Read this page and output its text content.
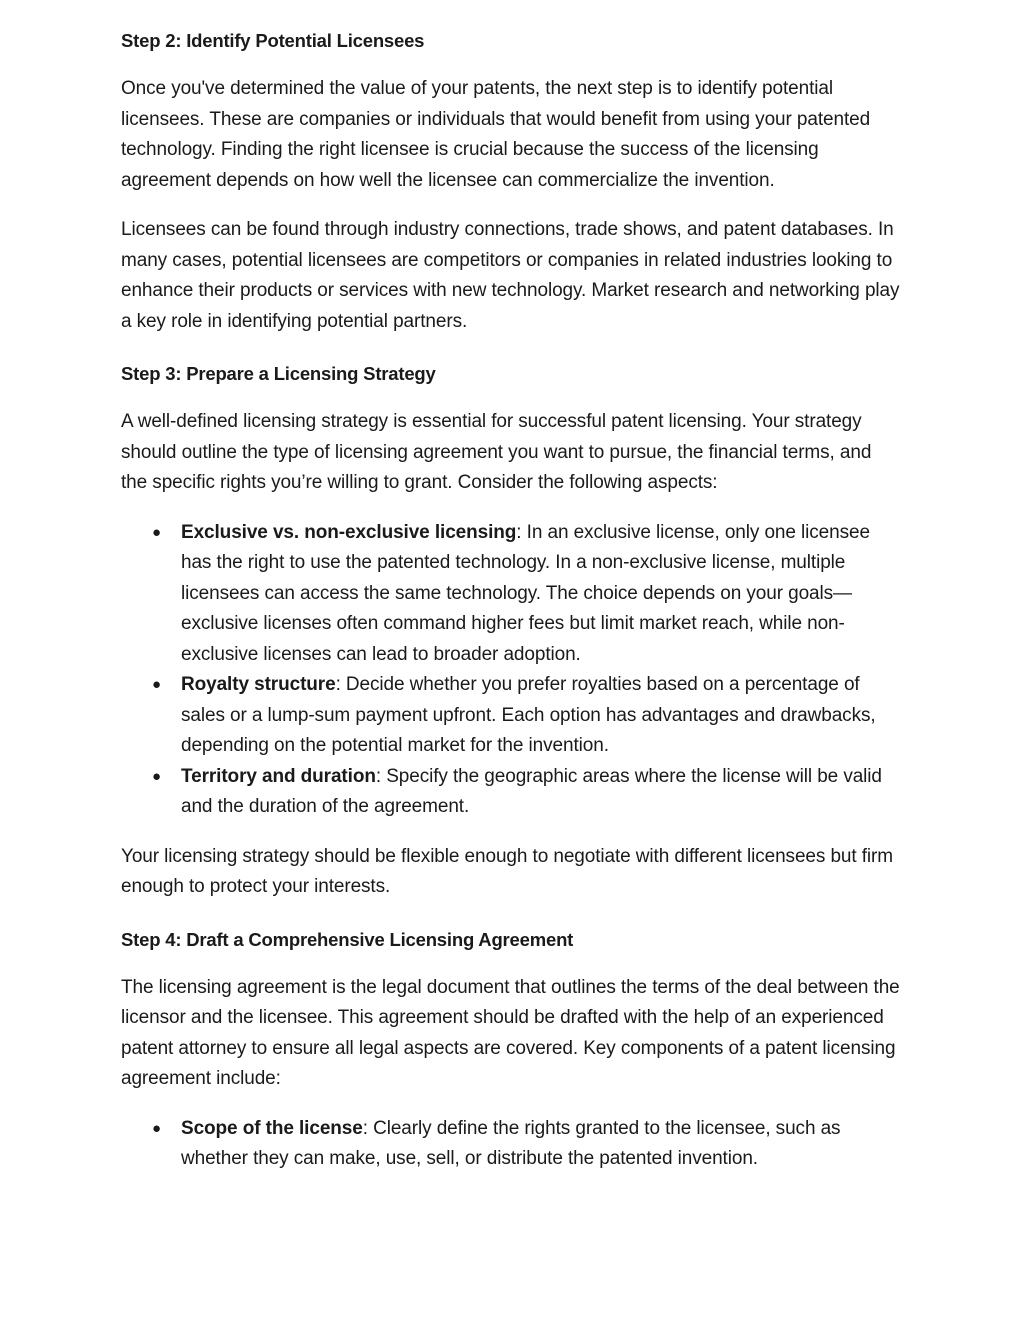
Step 2: Identify Potential Licensees

Once you've determined the value of your patents, the next step is to identify potential licensees. These are companies or individuals that would benefit from using your patented technology. Finding the right licensee is crucial because the success of the licensing agreement depends on how well the licensee can commercialize the invention.

Licensees can be found through industry connections, trade shows, and patent databases. In many cases, potential licensees are competitors or companies in related industries looking to enhance their products or services with new technology. Market research and networking play a key role in identifying potential partners.

Step 3: Prepare a Licensing Strategy

A well-defined licensing strategy is essential for successful patent licensing. Your strategy should outline the type of licensing agreement you want to pursue, the financial terms, and the specific rights you’re willing to grant. Consider the following aspects:

● Exclusive vs. non-exclusive licensing: In an exclusive license, only one licensee has the right to use the patented technology. In a non-exclusive license, multiple licensees can access the same technology. The choice depends on your goals—exclusive licenses often command higher fees but limit market reach, while non-exclusive licenses can lead to broader adoption.
● Royalty structure: Decide whether you prefer royalties based on a percentage of sales or a lump-sum payment upfront. Each option has advantages and drawbacks, depending on the potential market for the invention.
● Territory and duration: Specify the geographic areas where the license will be valid and the duration of the agreement.

Your licensing strategy should be flexible enough to negotiate with different licensees but firm enough to protect your interests.

Step 4: Draft a Comprehensive Licensing Agreement

The licensing agreement is the legal document that outlines the terms of the deal between the licensor and the licensee. This agreement should be drafted with the help of an experienced patent attorney to ensure all legal aspects are covered. Key components of a patent licensing agreement include:

● Scope of the license: Clearly define the rights granted to the licensee, such as whether they can make, use, sell, or distribute the patented invention.
